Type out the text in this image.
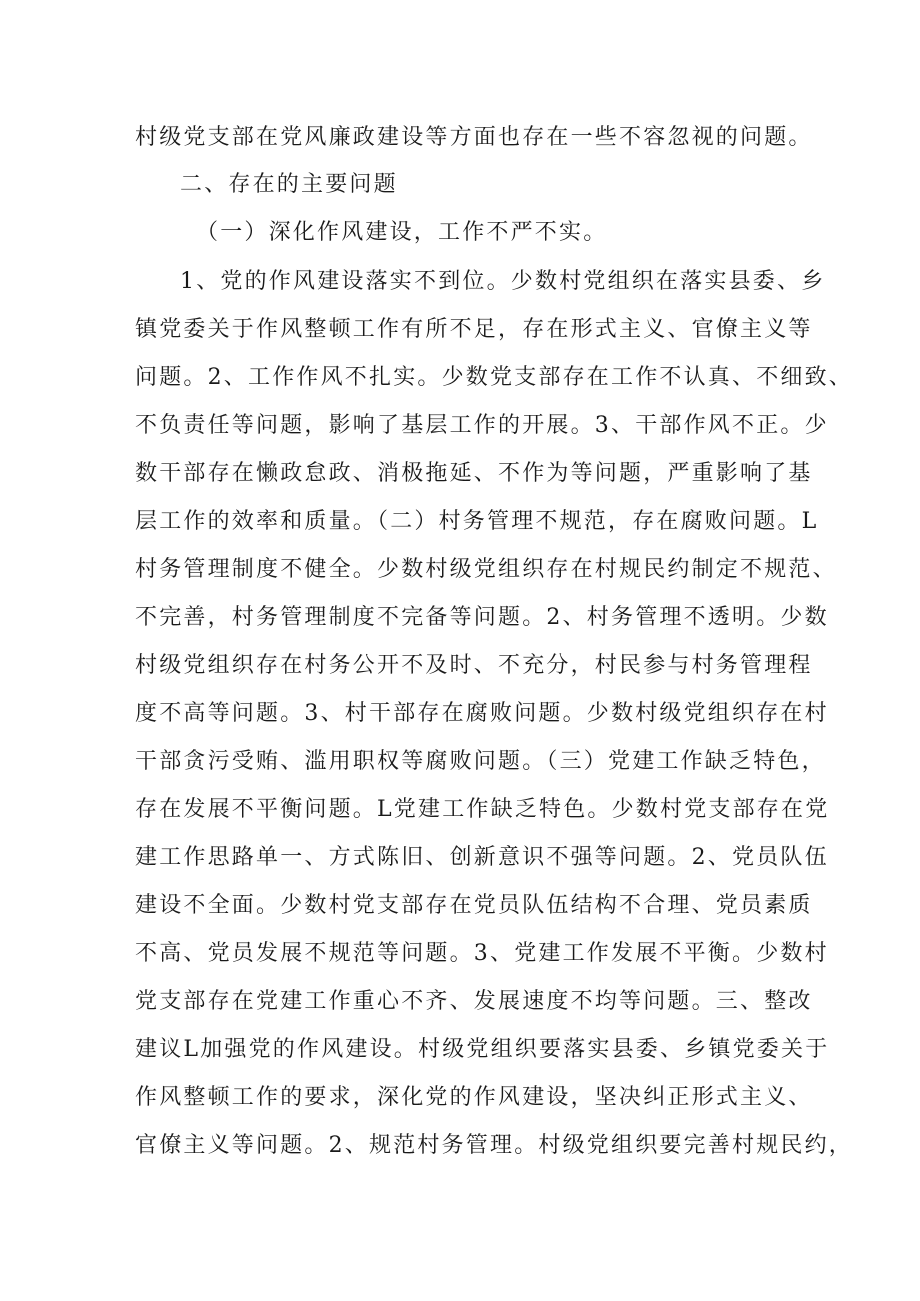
村级党支部在党风廉政建设等方面也存在一些不容忽视的问题。
二、存在的主要问题
（一）深化作风建设，工作不严不实。
1、党的作风建设落实不到位。少数村党组织在落实县委、乡
镇党委关于作风整顿工作有所不足，存在形式主义、官僚主义等
问题。2、工作作风不扎实。少数党支部存在工作不认真、不细致、
不负责任等问题，影响了基层工作的开展。3、干部作风不正。少
数干部存在懒政怠政、消极拖延、不作为等问题，严重影响了基
层工作的效率和质量。（二）村务管理不规范，存在腐败问题。L
村务管理制度不健全。少数村级党组织存在村规民约制定不规范、
不完善，村务管理制度不完备等问题。2、村务管理不透明。少数
村级党组织存在村务公开不及时、不充分，村民参与村务管理程
度不高等问题。3、村干部存在腐败问题。少数村级党组织存在村
干部贪污受贿、滥用职权等腐败问题。（三）党建工作缺乏特色，
存在发展不平衡问题。L党建工作缺乏特色。少数村党支部存在党
建工作思路单一、方式陈旧、创新意识不强等问题。2、党员队伍
建设不全面。少数村党支部存在党员队伍结构不合理、党员素质
不高、党员发展不规范等问题。3、党建工作发展不平衡。少数村
党支部存在党建工作重心不齐、发展速度不均等问题。三、整改
建议L加强党的作风建设。村级党组织要落实县委、乡镇党委关于
作风整顿工作的要求，深化党的作风建设，坚决纠正形式主义、
官僚主义等问题。2、规范村务管理。村级党组织要完善村规民约，
